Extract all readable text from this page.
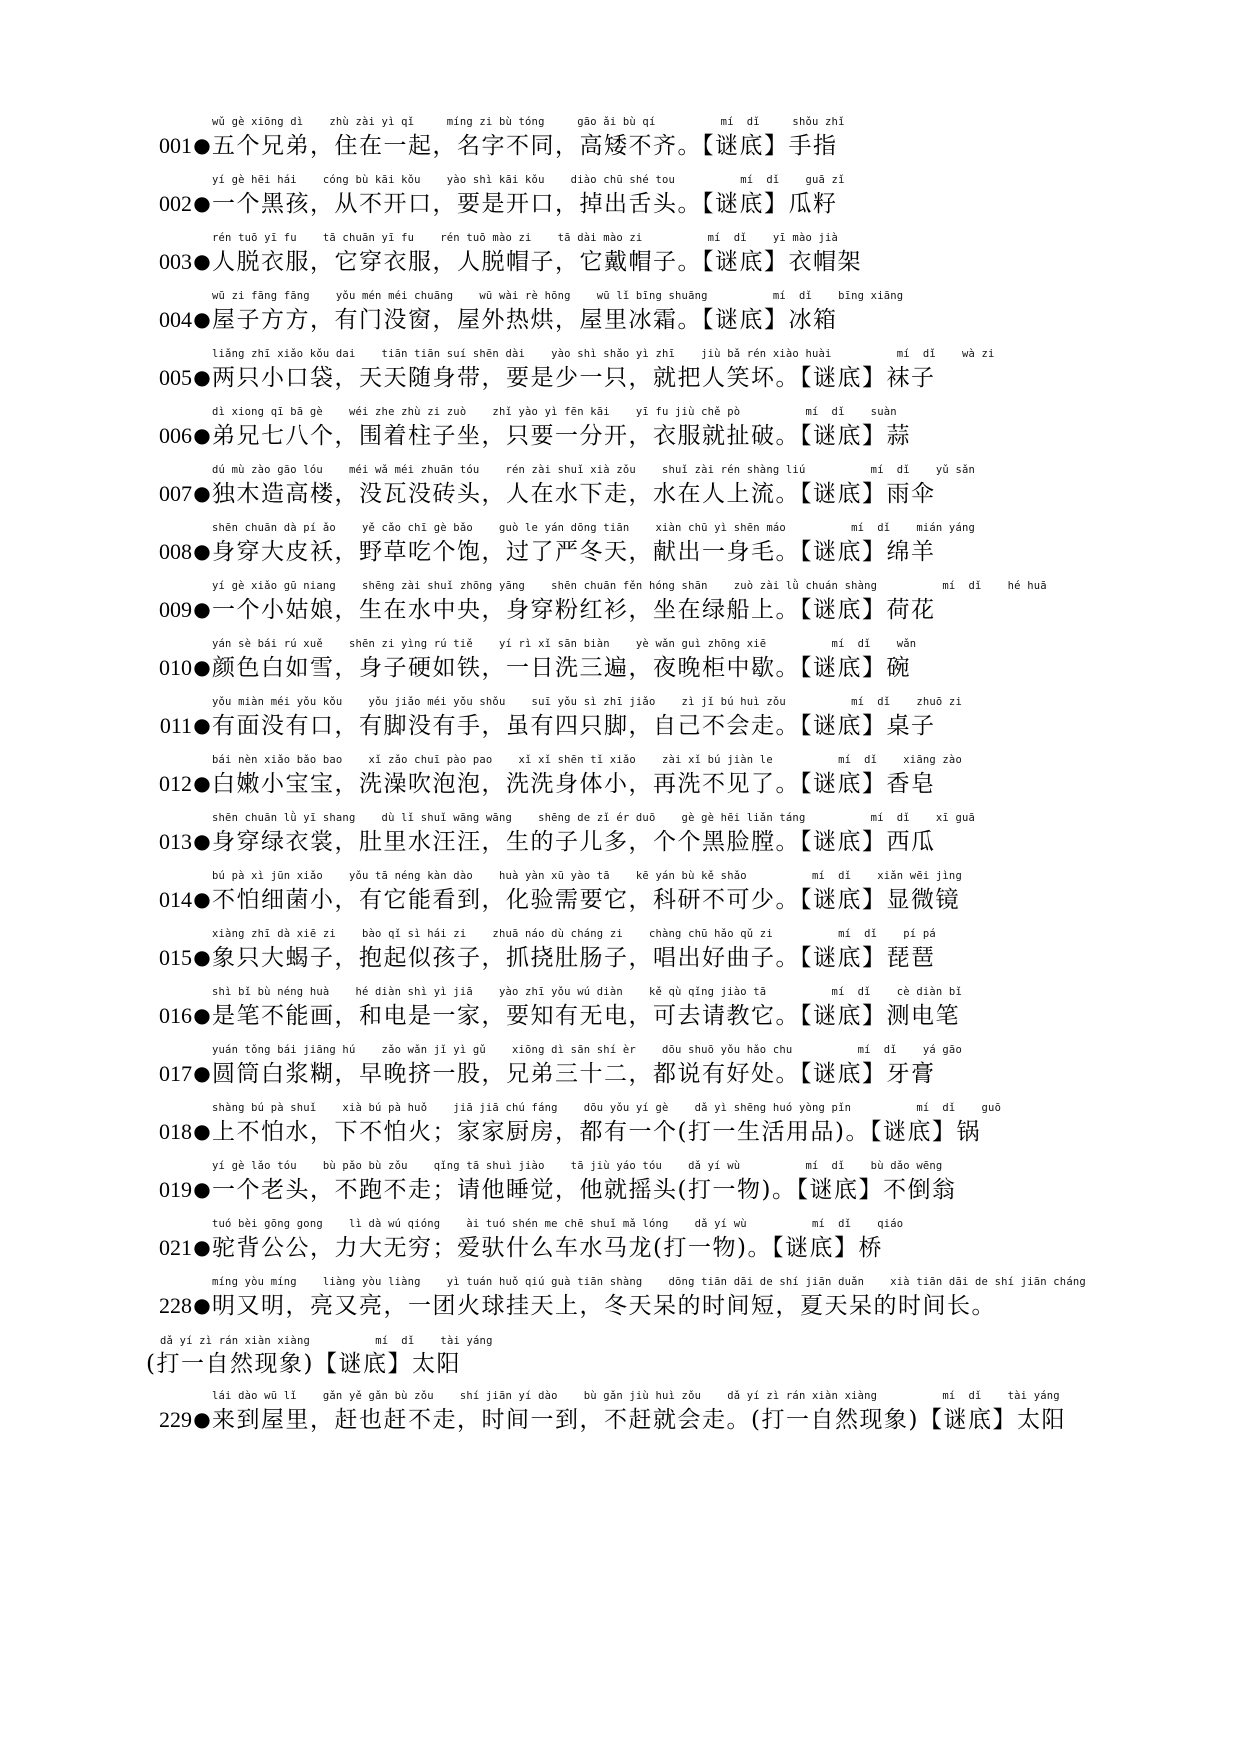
wǔ gè xiōng dì    zhù zài yì qǐ     míng zi bù tóng     gāo ǎi bù qí          mí  dǐ     shǒu zhǐ
001●五个兄弟，住在一起，名字不同，高矮不齐。【谜底】手指
yí gè hēi hái    cóng bù kāi kǒu    yào shì kāi kǒu    diào chū shé tou          mí  dǐ    guā zǐ
002●一个黑孩，从不开口，要是开口，掉出舌头。【谜底】瓜籽
rén tuō yī fu    tā chuān yī fu    rén tuō mào zi    tā dài mào zi          mí  dǐ    yī mào jià
003●人脱衣服，它穿衣服，人脱帽子，它戴帽子。【谜底】衣帽架
wū zi fāng fāng    yǒu mén méi chuāng    wū wài rè hōng    wū lǐ bīng shuāng          mí  dǐ    bīng xiāng
004●屋子方方，有门没窗，屋外热烘，屋里冰霜。【谜底】冰箱
liǎng zhī xiǎo kǒu dai    tiān tiān suí shēn dài    yào shì shǎo yì zhī    jiù bǎ rén xiào huài          mí  dǐ    wà zi
005●两只小口袋，天天随身带，要是少一只，就把人笑坏。【谜底】袜子
dì xiong qī bā gè    wéi zhe zhù zi zuò    zhǐ yào yì fēn kāi    yī fu jiù chě pò          mí  dǐ    suàn
006●弟兄七八个，围着柱子坐，只要一分开，衣服就扯破。【谜底】蒜
dú mù zào gāo lóu    méi wǎ méi zhuān tóu    rén zài shuǐ xià zǒu    shuǐ zài rén shàng liú          mí  dǐ    yǔ sǎn
007●独木造高楼，没瓦没砖头，人在水下走，水在人上流。【谜底】雨伞
shēn chuān dà pí ǎo    yě cǎo chī gè bǎo    guò le yán dōng tiān    xiàn chū yì shēn máo          mí  dǐ    mián yáng
008●身穿大皮袄，野草吃个饱，过了严冬天，献出一身毛。【谜底】绵羊
yí gè xiǎo gū niang    shēng zài shuǐ zhōng yāng    shēn chuān fěn hóng shān    zuò zài lǜ chuán shàng          mí  dǐ    hé huā
009●一个小姑娘，生在水中央，身穿粉红衫，坐在绿船上。【谜底】荷花
yán sè bái rú xuě    shēn zi yìng rú tiě    yí rì xǐ sān biàn    yè wǎn guì zhōng xiē          mí  dǐ    wǎn
010●颜色白如雪，身子硬如铁，一日洗三遍，夜晚柜中歇。【谜底】碗
yǒu miàn méi yǒu kǒu    yǒu jiǎo méi yǒu shǒu    suī yǒu sì zhī jiǎo    zì jǐ bú huì zǒu          mí  dǐ    zhuō zi
011●有面没有口，有脚没有手，虽有四只脚，自己不会走。【谜底】桌子
bái nèn xiǎo bǎo bao    xǐ zǎo chuī pào pao    xǐ xǐ shēn tǐ xiǎo    zài xǐ bú jiàn le          mí  dǐ    xiāng zào
012●白嫩小宝宝，洗澡吹泡泡，洗洗身体小，再洗不见了。【谜底】香皂
shēn chuān lǜ yī shang    dù lǐ shuǐ wāng wāng    shēng de zǐ ér duō    gè gè hēi liǎn táng          mí  dǐ    xī guā
013●身穿绿衣裳，肚里水汪汪，生的子儿多，个个黑脸膛。【谜底】西瓜
bú pà xì jūn xiǎo    yǒu tā néng kàn dào    huà yàn xū yào tā    kē yán bù kě shǎo          mí  dǐ    xiǎn wēi jìng
014●不怕细菌小，有它能看到，化验需要它，科研不可少。【谜底】显微镜
xiàng zhī dà xiē zi    bào qǐ sì hái zi    zhuā náo dù cháng zi    chàng chū hǎo qǔ zi          mí  dǐ    pí pá
015●象只大蝎子，抱起似孩子，抓挠肚肠子，唱出好曲子。【谜底】琵琶
shì bǐ bù néng huà    hé diàn shì yì jiā    yào zhī yǒu wú diàn    kě qù qǐng jiào tā          mí  dǐ    cè diàn bǐ
016●是笔不能画，和电是一家，要知有无电，可去请教它。【谜底】测电笔
yuán tǒng bái jiāng hú    zǎo wǎn jǐ yì gǔ    xiōng dì sān shí èr    dōu shuō yǒu hǎo chu          mí  dǐ    yá gāo
017●圆筒白浆糊，早晚挤一股，兄弟三十二，都说有好处。【谜底】牙膏
shàng bú pà shuǐ    xià bú pà huǒ    jiā jiā chú fáng    dōu yǒu yí gè    dǎ yì shēng huó yòng pǐn          mí  dǐ    guō
018●上不怕水，下不怕火；家家厨房，都有一个(打一生活用品)。【谜底】锅
yí gè lǎo tóu    bù pǎo bù zǒu    qǐng tā shuì jiào    tā jiù yáo tóu    dǎ yí wù          mí  dǐ    bù dǎo wēng
019●一个老头，不跑不走；请他睡觉，他就摇头(打一物)。【谜底】不倒翁
tuó bèi gōng gong    lì dà wú qióng    ài tuó shén me chē shuǐ mǎ lóng    dǎ yí wù          mí  dǐ    qiáo
021●驼背公公，力大无穷；爱驮什么车水马龙(打一物)。【谜底】桥
míng yòu míng    liàng yòu liàng    yì tuán huǒ qiú guà tiān shàng    dōng tiān dāi de shí jiān duǎn    xià tiān dāi de shí jiān cháng
228●明又明，亮又亮，一团火球挂天上，冬天呆的时间短，夏天呆的时间长。
dǎ yí zì rán xiàn xiàng          mí  dǐ    tài yáng
(打一自然现象)【谜底】太阳
lái dào wū lǐ    gǎn yě gǎn bù zǒu    shí jiān yí dào    bù gǎn jiù huì zǒu    dǎ yí zì rán xiàn xiàng          mí  dǐ    tài yáng
229●来到屋里，赶也赶不走，时间一到，不赶就会走。(打一自然现象)【谜底】太阳
